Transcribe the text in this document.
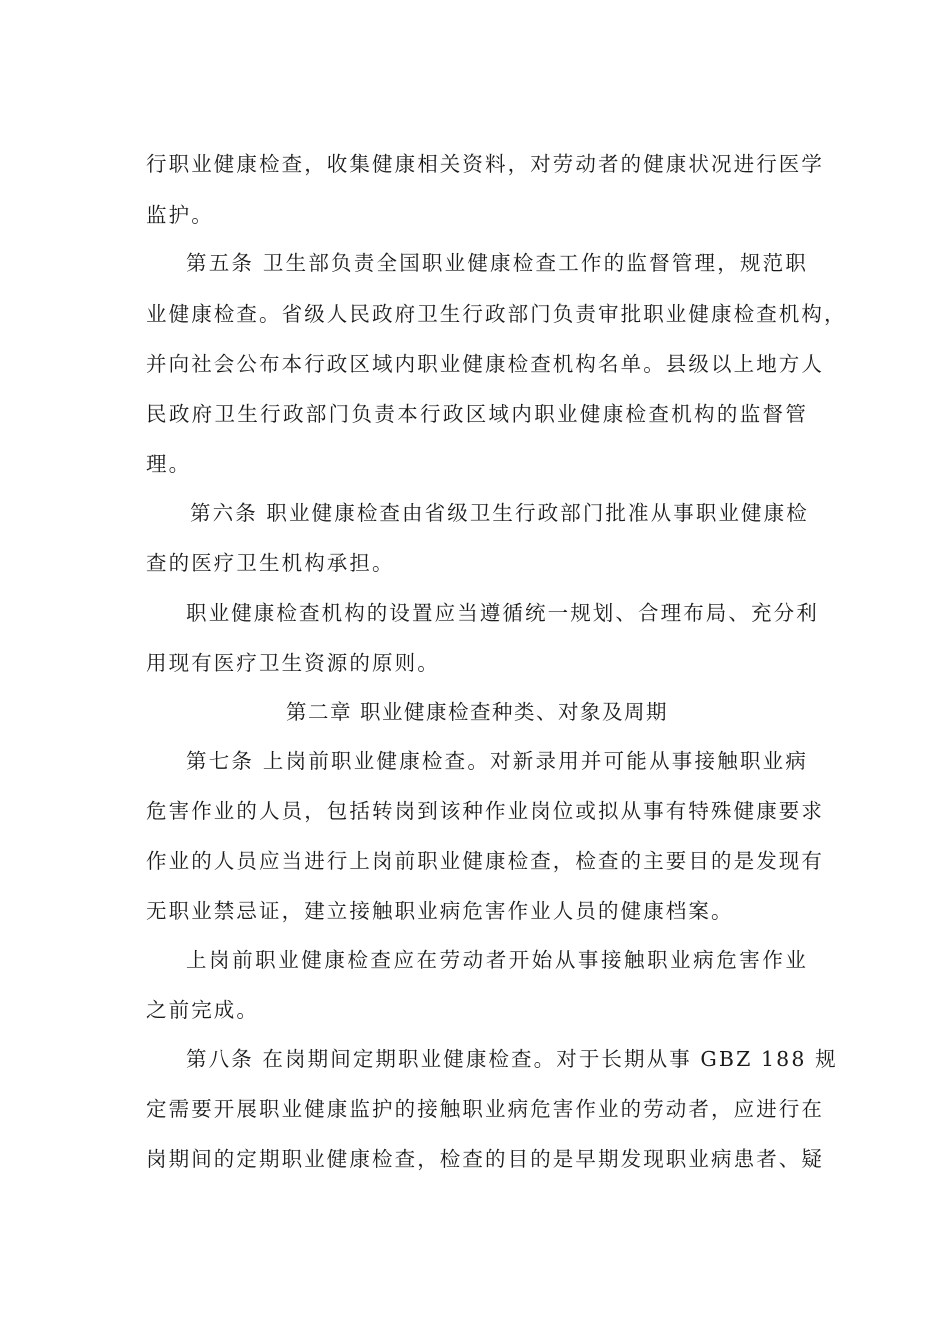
行职业健康检查，收集健康相关资料，对劳动者的健康状况进行医学
监护。
第五条 卫生部负责全国职业健康检查工作的监督管理，规范职
业健康检查。省级人民政府卫生行政部门负责审批职业健康检查机构，
并向社会公布本行政区域内职业健康检查机构名单。县级以上地方人
民政府卫生行政部门负责本行政区域内职业健康检查机构的监督管
理。
第六条 职业健康检查由省级卫生行政部门批准从事职业健康检
查的医疗卫生机构承担。
职业健康检查机构的设置应当遵循统一规划、合理布局、充分利
用现有医疗卫生资源的原则。
第二章 职业健康检查种类、对象及周期
第七条 上岗前职业健康检查。对新录用并可能从事接触职业病
危害作业的人员，包括转岗到该种作业岗位或拟从事有特殊健康要求
作业的人员应当进行上岗前职业健康检查，检查的主要目的是发现有
无职业禁忌证，建立接触职业病危害作业人员的健康档案。
上岗前职业健康检查应在劳动者开始从事接触职业病危害作业
之前完成。
第八条 在岗期间定期职业健康检查。对于长期从事 GBZ 188 规
定需要开展职业健康监护的接触职业病危害作业的劳动者，应进行在
岗期间的定期职业健康检查，检查的目的是早期发现职业病患者、疑
